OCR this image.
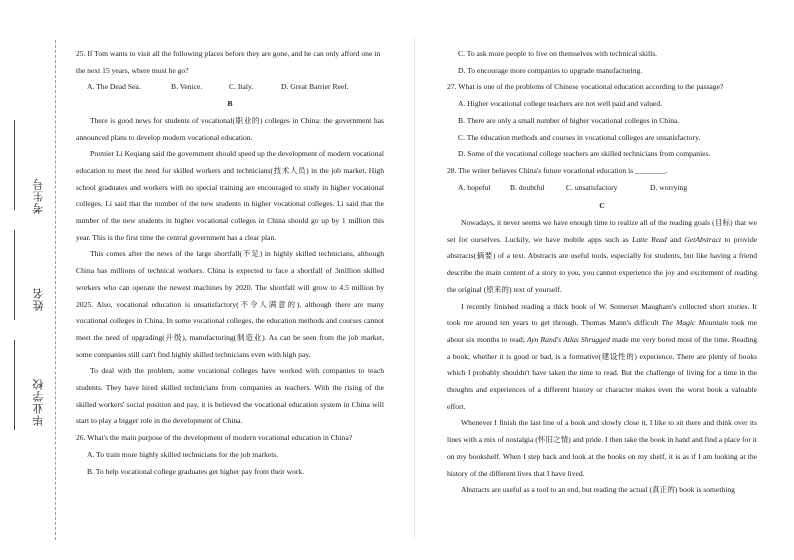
考生号
姓名
毕业学校

25. If Tom wants to visit all the following places before they are gone, and he can only afford one in the next 15 years, where must he go?

A. The Dead Sea.	B. Venice.	C. Italy.	D. Great Barrier Reef.

B

There is good news for students of vocational(职业的) colleges in China: the government has announced plans to develop modern vocational education.

Premier Li Keqiang said the government should speed up the development of modern vocational education to meet the need for skilled workers and technicians(技术人员) in the job market. High school graduates and workers with no special training are encouraged to study in higher vocational colleges. Li said that the number of the new students in higher vocational colleges. Li said that the number of the new students in higher vocational colleges in China should go up by 1 million this year. This is the first time the central government has a clear plan.

This comes after the news of the large shortfall(不足) in highly skilled technicians, although China has millions of technical workers. China is expected to face a shortfall of 3million skilled workers who can operate the newest machines by 2020. The shortfall will grow to 4.5 million by 2025. Also, vocational education is unsatisfactory(不令人满意的), although there are many vocational colleges in China. In some vocational colleges, the education methods and courses cannot meet the need of upgrading(升级), manufacturing(制造业). As can be seen from the job market, some companies still can't find highly skilled technicians even with high pay.

To deal with the problem, some vocational colleges have worked with companies to teach students. They have hired skilled technicians from companies as teachers. With the rising of the skilled workers' social position and pay, it is believed the vocational education system in China will start to play a bigger role in the development of China.

26. What's the main purpose of the development of modern vocational education in China?

A. To train more highly skilled technicians for the job markets.

B. To help vocational college graduates get higher pay from their work.

C. To ask more people to live on themselves with technical skills.

D. To encourage more companies to upgrade manufacturing.

27. What is one of the problems of Chinese vocational education according to the passage?

A. Higher vocational college teachers are not well paid and valued.

B. There are only a small number of higher vocational colleges in China.

C. The education methods and courses in vocational colleges are unsatisfactory.

D. Some of the vocational college teachers are skilled technicians from companies.

28. The writer believes China's future vocational education is ________.

A. hopeful	B. doubtful	C. unsatisfactory	D. worrying

C

Nowadays, it never seems we have enough time to realize all of the reading goals (目标) that we set for ourselves. Luckily, we have mobile apps such as Latte Read and GetAbstract to provide abstracts(摘要) of a text. Abstracts are useful tools, especially for students, but like having a friend describe the main content of a story to you, you cannot experience the joy and excitement of reading the original (原来的) text of yourself.

I recently finished reading a thick book of W. Somerset Maugham's collected short stories. It took me around ten years to get through. Thomas Mann's difficult The Magic Mountain took me about six months to read; Ayn Rand's Atlas Shrugged made me very bored most of the time. Reading a book, whether it is good or bad, is a formative(建设性的) experience. There are plenty of books which I probably shouldn't have taken the time to read. But the challenge of living for a time in the thoughts and experiences of a different history or character makes even the worst book a valuable effort.

Whenever I finish the last line of a book and slowly close it, I like to sit there and think over its lines with a mix of nostalgia (怀旧之情) and pride. I then take the book in hand and find a place for it on my bookshelf. When I step back and look at the books on my shelf, it is as if I am looking at the history of the different lives that I have lived.

Abstracts are useful as a tool to an end, but reading the actual (真正的) book is something
